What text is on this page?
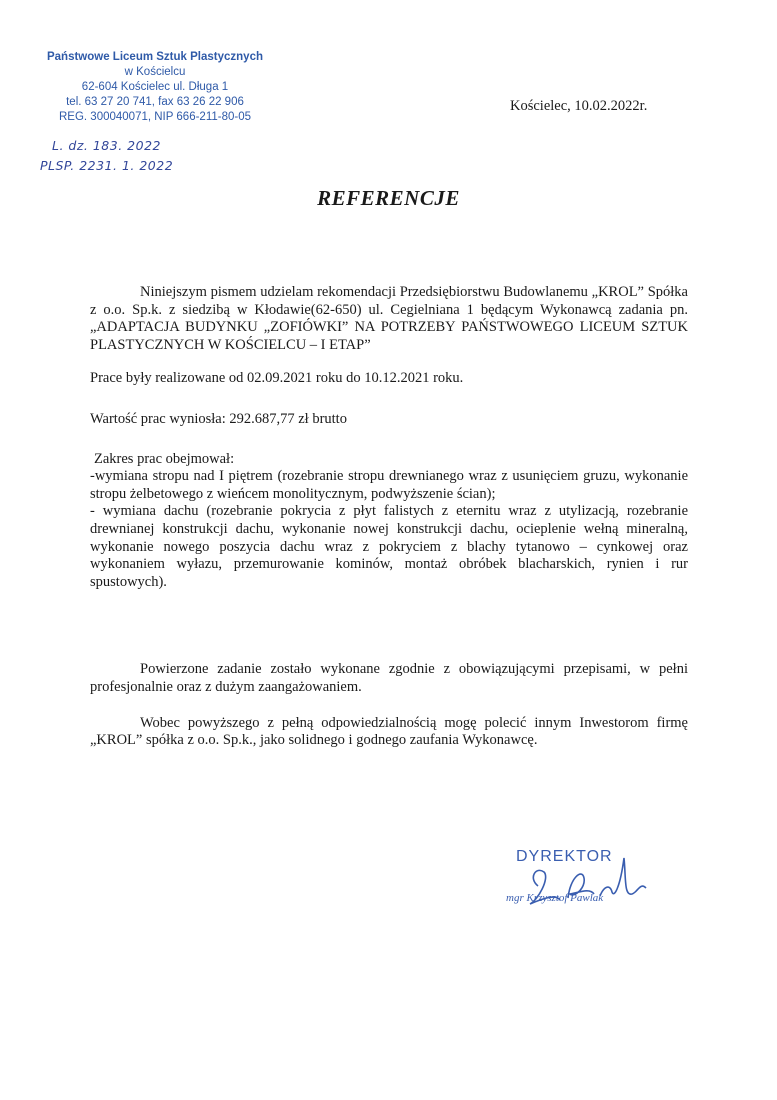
Państwowe Liceum Sztuk Plastycznych
w Kościelcu
62-604 Kościelec ul. Długa 1
tel. 63 27 20 741, fax 63 26 22 906
REG. 300040071, NIP 666-211-80-05
L. dz. 183. 2022
PLSP. 2231. 1. 2022
Kościelec, 10.02.2022r.
REFERENCJE

Niniejszym pismem udzielam rekomendacji Przedsiębiorstwu Budowlanemu „KROL” Spółka z o.o. Sp.k. z siedzibą w Kłodawie(62-650) ul. Cegielniana 1 będącym Wykonawcą zadania pn. „ADAPTACJA BUDYNKU „ZOFIÓWKI” NA POTRZEBY PAŃSTWOWEGO LICEUM SZTUK PLASTYCZNYCH W KOŚCIELCU – I ETAP”

Prace były realizowane od 02.09.2021 roku do 10.12.2021 roku.

Wartość prac wyniosła: 292.687,77 zł brutto

Zakres prac obejmował:

-wymiana stropu nad I piętrem (rozebranie stropu drewnianego wraz z usunięciem gruzu, wykonanie stropu żelbetowego z wieńcem monolitycznym, podwyższenie ścian);

- wymiana dachu (rozebranie pokrycia z płyt falistych z eternitu wraz z utylizacją, rozebranie drewnianej konstrukcji dachu, wykonanie nowej konstrukcji dachu, ocieplenie wełną mineralną, wykonanie nowego poszycia dachu wraz z pokryciem z blachy tytanowo – cynkowej oraz wykonaniem wyłazu, przemurowanie kominów, montaż obróbek blacharskich, rynien i rur spustowych).

Powierzone zadanie zostało wykonane zgodnie z obowiązującymi przepisami, w pełni profesjonalnie oraz z dużym zaangażowaniem.

Wobec powyższego z pełną odpowiedzialnością mogę polecić innym Inwestorom firmę „KROL” spółka z o.o. Sp.k., jako solidnego i godnego zaufania Wykonawcę.

DYREKTOR
mgr Krzysztof Pawlak
